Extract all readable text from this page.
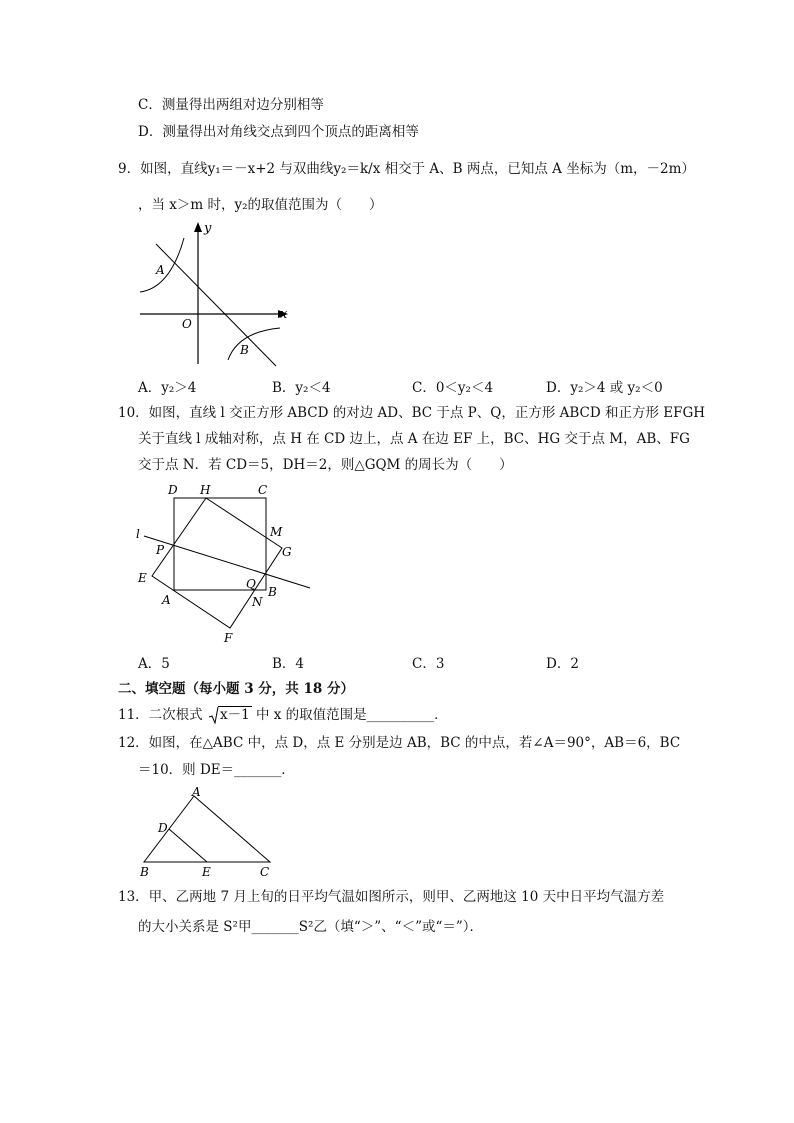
C．测量得出两组对边分别相等
D．测量得出对角线交点到四个顶点的距离相等
9．如图，直线y₁＝－x+2 与双曲线y₂＝k/x 相交于 A、B 两点，已知点 A 坐标为（m，－2m）
，当 x＞m 时，y₂的取值范围为（　　）
y
x
O
A
B
A．y₂＞4	B．y₂＜4	C．0＜y₂＜4	D．y₂＞4 或 y₂＜0
10．如图，直线 l 交正方形 ABCD 的对边 AD、BC 于点 P、Q，正方形 ABCD 和正方形 EFGH
关于直线 l 成轴对称，点 H 在 CD 边上，点 A 在边 EF 上，BC、HG 交于点 M，AB、FG
交于点 N．若 CD＝5，DH＝2，则△GQM 的周长为（　　）
D H	C
l	M
P	G
E	Q
B
A	N
F
A．5	B．4	C．3	D．2
二、填空题（每小题 3 分，共 18 分）
11．二次根式 x－1 中 x 的取值范围是__________．
12．如图，在△ABC 中，点 D，点 E 分别是边 AB，BC 的中点，若∠A＝90°，AB＝6，BC
＝10．则 DE＝_______．
A
D
B	E	C
13．甲、乙两地 7 月上旬的日平均气温如图所示，则甲、乙两地这 10 天中日平均气温方差
的大小关系是 S²甲_______S²乙（填“＞”、“＜”或“＝”）．
